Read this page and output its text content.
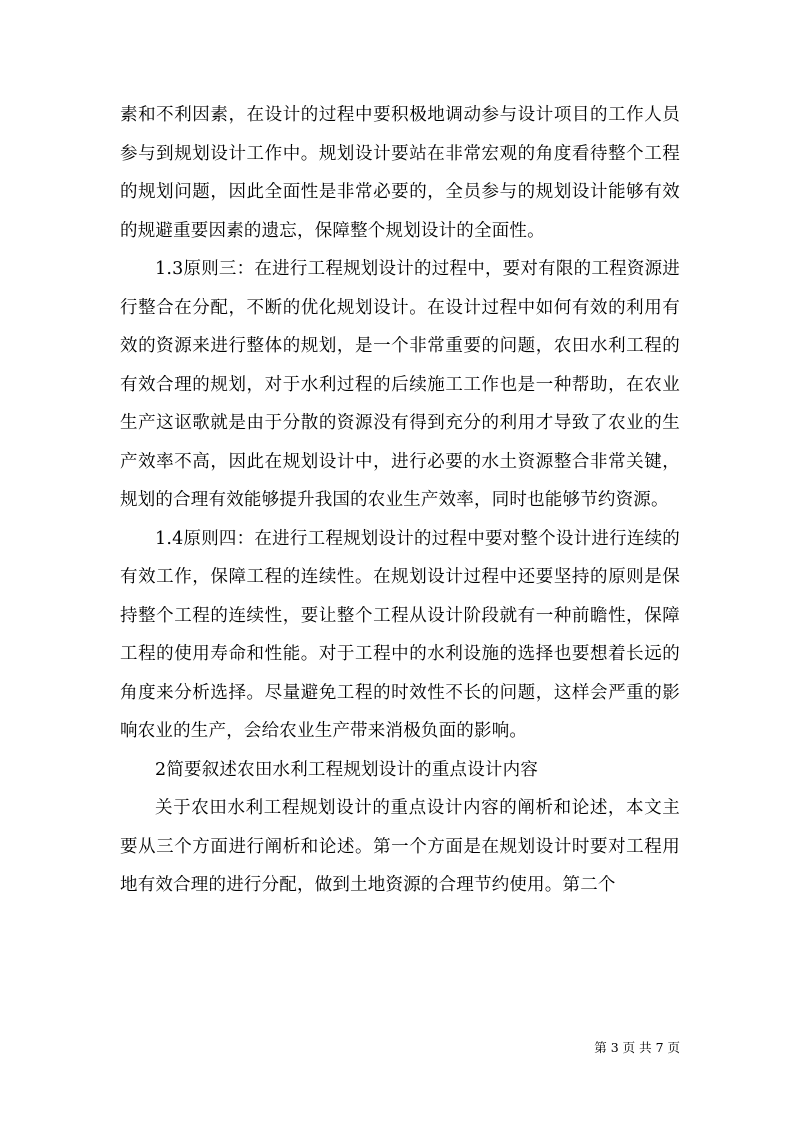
素和不利因素，在设计的过程中要积极地调动参与设计项目的工作人员参与到规划设计工作中。规划设计要站在非常宏观的角度看待整个工程的规划问题，因此全面性是非常必要的，全员参与的规划设计能够有效的规避重要因素的遗忘，保障整个规划设计的全面性。

1.3原则三：在进行工程规划设计的过程中，要对有限的工程资源进行整合在分配，不断的优化规划设计。在设计过程中如何有效的利用有效的资源来进行整体的规划，是一个非常重要的问题，农田水利工程的有效合理的规划，对于水利过程的后续施工工作也是一种帮助，在农业生产这讴歌就是由于分散的资源没有得到充分的利用才导致了农业的生产效率不高，因此在规划设计中，进行必要的水土资源整合非常关键，规划的合理有效能够提升我国的农业生产效率，同时也能够节约资源。

1.4原则四：在进行工程规划设计的过程中要对整个设计进行连续的有效工作，保障工程的连续性。在规划设计过程中还要坚持的原则是保持整个工程的连续性，要让整个工程从设计阶段就有一种前瞻性，保障工程的使用寿命和性能。对于工程中的水利设施的选择也要想着长远的角度来分析选择。尽量避免工程的时效性不长的问题，这样会严重的影响农业的生产，会给农业生产带来消极负面的影响。

2简要叙述农田水利工程规划设计的重点设计内容

关于农田水利工程规划设计的重点设计内容的阐析和论述，本文主要从三个方面进行阐析和论述。第一个方面是在规划设计时要对工程用地有效合理的进行分配，做到土地资源的合理节约使用。第二个

第 3 页 共 7 页
